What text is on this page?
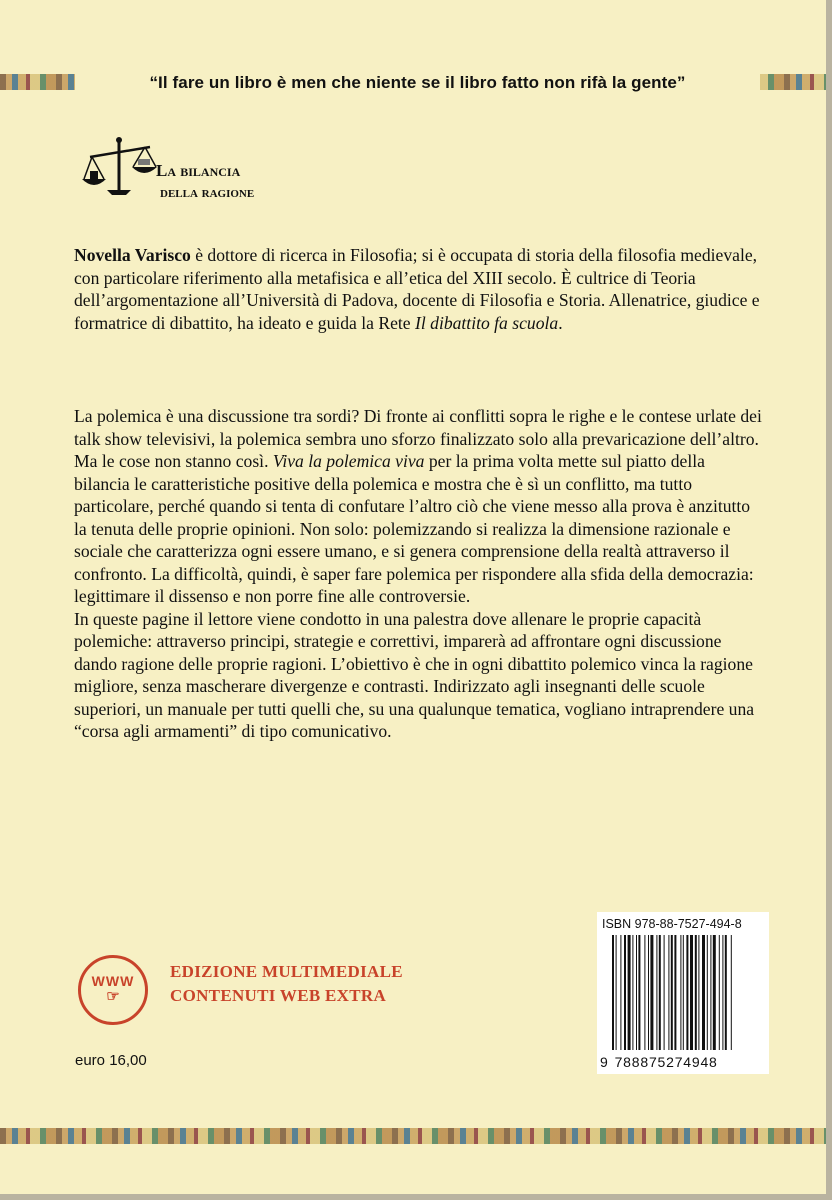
“Il fare un libro è men che niente se il libro fatto non rifà la gente”
La bilancia
della ragione
Novella Varisco è dottore di ricerca in Filosofia; si è occupata di storia della filosofia medievale, con particolare riferimento alla metafisica e all’etica del XIII secolo. È cultrice di Teoria dell’argomentazione all’Università di Padova, docente di Filosofia e Storia. Allenatrice, giudice e formatrice di dibattito, ha ideato e guida la Rete Il dibattito fa scuola.

La polemica è una discussione tra sordi? Di fronte ai conflitti sopra le righe e le contese urlate dei talk show televisivi, la polemica sembra uno sforzo finalizzato solo alla prevaricazione dell’altro. Ma le cose non stanno così. Viva la polemica viva per la prima volta mette sul piatto della bilancia le caratteristiche positive della polemica e mostra che è sì un conflitto, ma tutto particolare, perché quando si tenta di confutare l’altro ciò che viene messo alla prova è anzitutto la tenuta delle proprie opinioni. Non solo: polemizzando si realizza la dimensione razionale e sociale che caratterizza ogni essere umano, e si genera comprensione della realtà attraverso il confronto. La difficoltà, quindi, è saper fare polemica per rispondere alla sfida della democrazia: legittimare il dissenso e non porre fine alle controversie.

In queste pagine il lettore viene condotto in una palestra dove allenare le proprie capacità polemiche: attraverso principi, strategie e correttivi, imparerà ad affrontare ogni discussione dando ragione delle proprie ragioni. L’obiettivo è che in ogni dibattito polemico vinca la ragione migliore, senza mascherare divergenze e contrasti. Indirizzato agli insegnanti delle scuole superiori, un manuale per tutti quelli che, su una qualunque tematica, vogliano intraprendere una “corsa agli armamenti” di tipo comunicativo.

WWW
☞
EDIZIONE MULTIMEDIALE
CONTENUTI WEB EXTRA
euro 16,00
ISBN 978-88-7527-494-8
9 788875274948
